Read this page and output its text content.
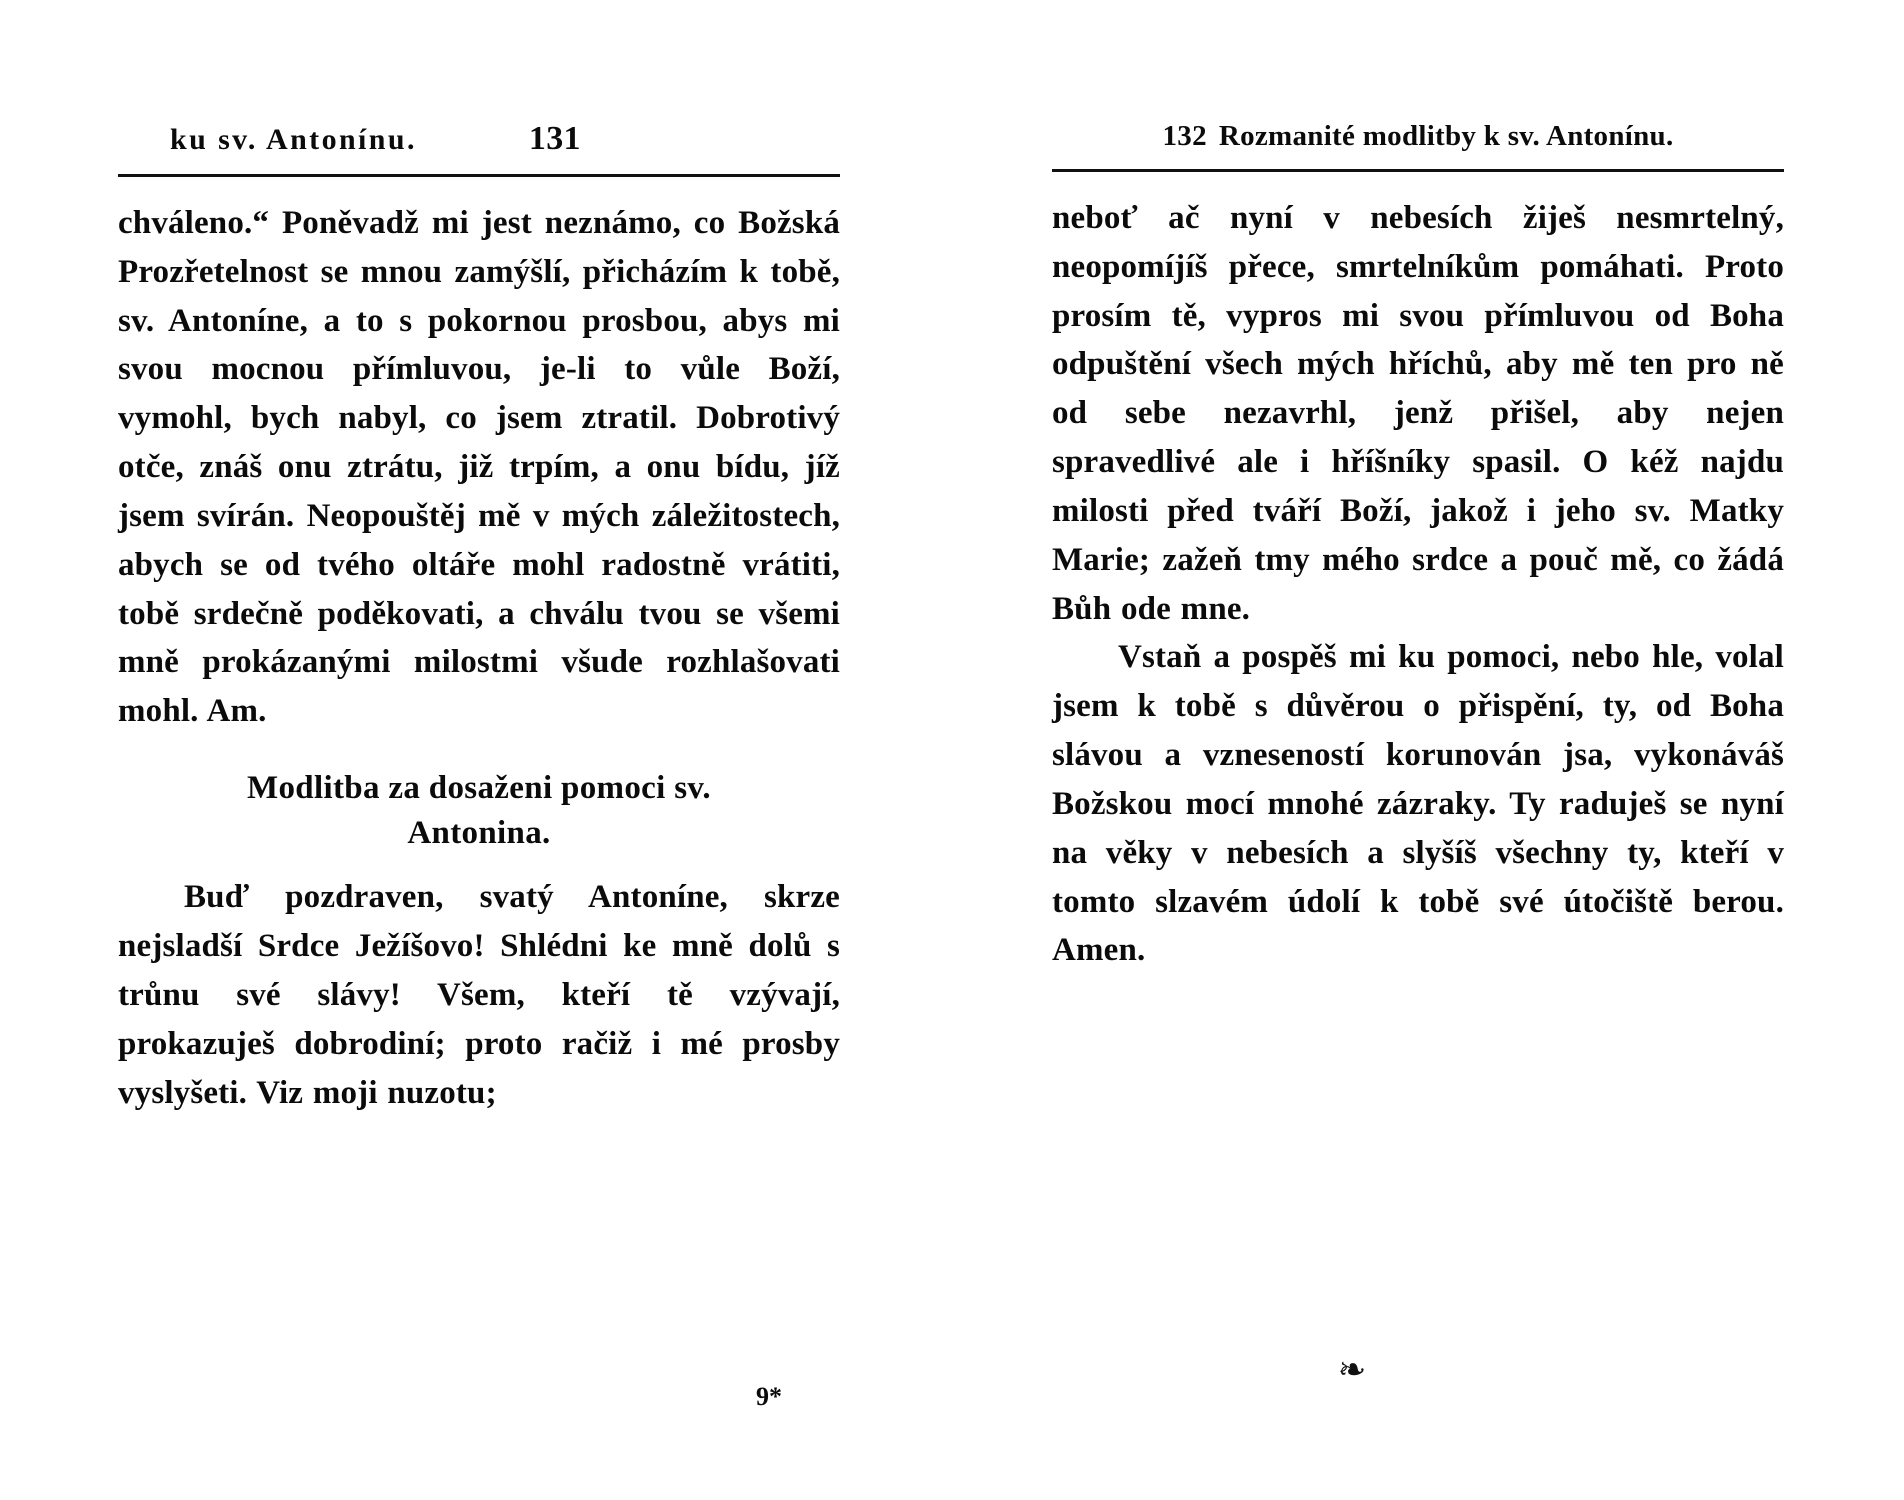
ku sv. Antonínu.	131

chváleno.“ Poněvadž mi jest neznámo, co Božská Prozřetelnost se mnou zamýšlí, přicházím k tobě, sv. Antoníne, a to s pokornou prosbou, abys mi svou mocnou přímluvou, je-li to vůle Boží, vymohl, bych nabyl, co jsem ztratil. Dobrotivý otče, znáš onu ztrátu, již trpím, a onu bídu, jíž jsem svírán. Neopouštěj mě v mých záležitostech, abych se od tvého oltáře mohl radostně vrátiti, tobě srdečně poděkovati, a chválu tvou se všemi mně prokázanými milostmi všude rozhlašovati mohl. Am.

Modlitba za dosaženi pomoci sv.
Antonina.

Buď pozdraven, svatý Antoníne, skrze nejsladší Srdce Ježíšovo! Shlédni ke mně dolů s trůnu své slávy! Všem, kteří tě vzývají, prokazuješ dobrodiní; proto račiž i mé prosby vyslyšeti. Viz moji nuzotu;

9*
132 Rozmanité modlitby k sv. Antonínu.

neboť ač nyní v nebesích žiješ nesmrtelný, neopomíjíš přece, smrtelníkům pomáhati. Proto prosím tě, vypros mi svou přímluvou od Boha odpuštění všech mých hříchů, aby mě ten pro ně od sebe nezavrhl, jenž přišel, aby nejen spravedlivé ale i hříšníky spasil. O kéž najdu milosti před tváří Boží, jakož i jeho sv. Matky Marie; zažeň tmy mého srdce a pouč mě, co žádá Bůh ode mne.

Vstaň a pospěš mi ku pomoci, nebo hle, volal jsem k tobě s důvěrou o přispění, ty, od Boha slávou a vzneseností korunován jsa, vykonáváš Božskou mocí mnohé zázraky. Ty raduješ se nyní na věky v nebesích a slyšíš všechny ty, kteří v tomto slzavém údolí k tobě své útočiště berou. Amen.

❧
